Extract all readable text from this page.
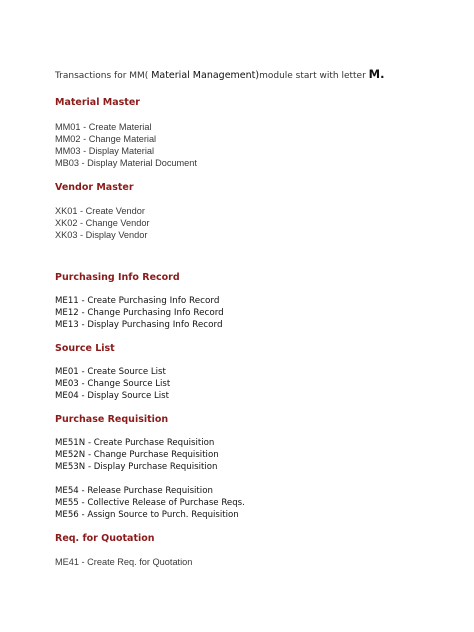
Transactions for MM( Material Management)module start with letter M.

Material Master
MM01 - Create Material
MM02 - Change Material
MM03 - Display Material
MB03 - Display Material Document
Vendor Master
XK01 - Create Vendor
XK02 - Change Vendor
XK03 - Display Vendor
Purchasing Info Record
ME11 - Create Purchasing Info Record
ME12 - Change Purchasing Info Record
ME13 - Display Purchasing Info Record
Source List
ME01 - Create Source List
ME03 - Change Source List
ME04 - Display Source List
Purchase Requisition
ME51N - Create Purchase Requisition
ME52N - Change Purchase Requisition
ME53N - Display Purchase Requisition
ME54 - Release Purchase Requisition
ME55 - Collective Release of Purchase Reqs.
ME56 - Assign Source to Purch. Requisition
Req. for Quotation
ME41 - Create Req. for Quotation
